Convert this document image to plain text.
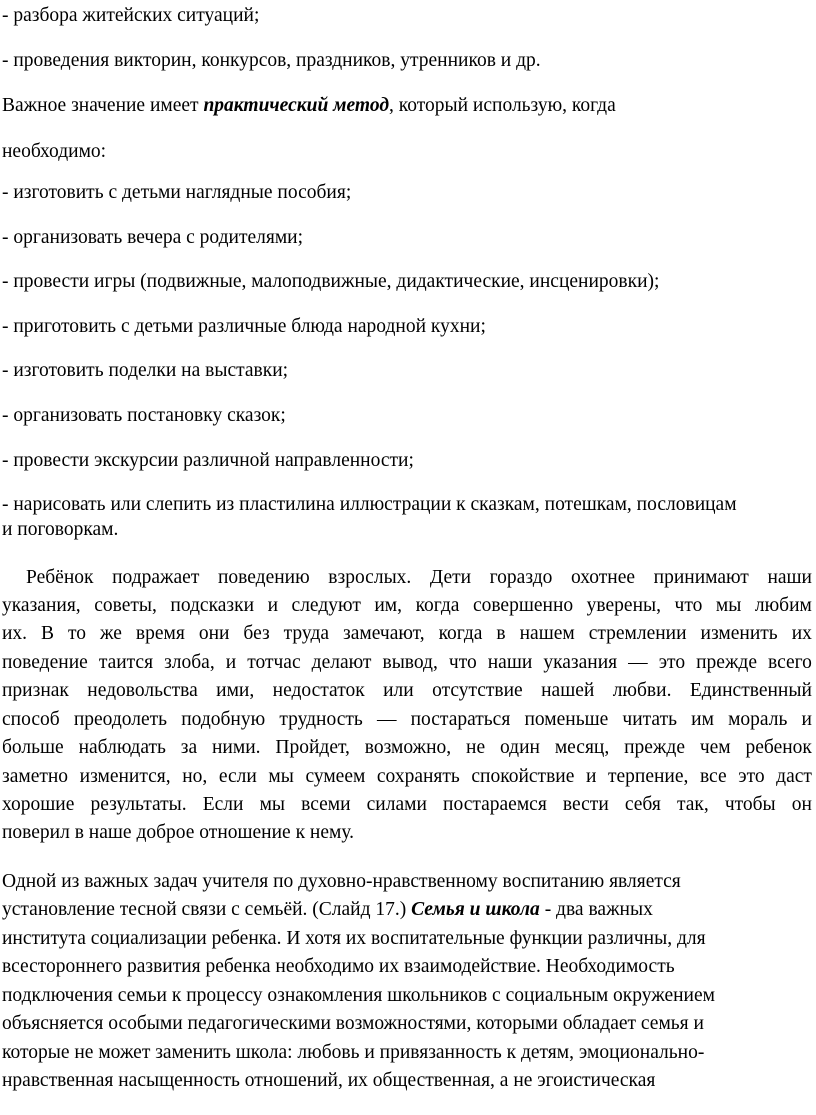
- разбора житейских ситуаций;
- проведения викторин, конкурсов, праздников, утренников и др.
Важное значение имеет практический метод, который использую, когда
необходимо:
- изготовить с детьми наглядные пособия;
- организовать вечера с родителями;
- провести игры (подвижные, малоподвижные, дидактические, инсценировки);
- приготовить с детьми различные блюда народной кухни;
- изготовить поделки на выставки;
- организовать постановку сказок;
- провести экскурсии различной направленности;
- нарисовать или слепить из пластилина иллюстрации к сказкам, потешкам, пословицам
и поговоркам.
Ребёнок подражает поведению взрослых. Дети гораздо охотнее принимают наши
указания, советы, подсказки и следуют им, когда совершенно уверены, что мы любим
их. В то же время они без труда замечают, когда в нашем стремлении изменить их
поведение таится злоба, и тотчас делают вывод, что наши указания — это прежде всего
признак недовольства ими, недостаток или отсутствие нашей любви. Единственный
способ преодолеть подобную трудность — постараться поменьше читать им мораль и
больше наблюдать за ними. Пройдет, возможно, не один месяц, прежде чем ребенок
заметно изменится, но, если мы сумеем сохранять спокойствие и терпение, все это даст
хорошие результаты. Если мы всеми силами постараемся вести себя так, чтобы он
поверил в наше доброе отношение к нему.
Одной из важных задач учителя по духовно-нравственному воспитанию является
установление тесной связи с семьёй. (Слайд 17.) Семья и школа - два важных
института социализации ребенка. И хотя их воспитательные функции различны, для
всестороннего развития ребенка необходимо их взаимодействие. Необходимость
подключения семьи к процессу ознакомления школьников с социальным окружением
объясняется особыми педагогическими возможностями, которыми обладает семья и
которые не может заменить школа: любовь и привязанность к детям, эмоционально-
нравственная насыщенность отношений, их общественная, а не эгоистическая
